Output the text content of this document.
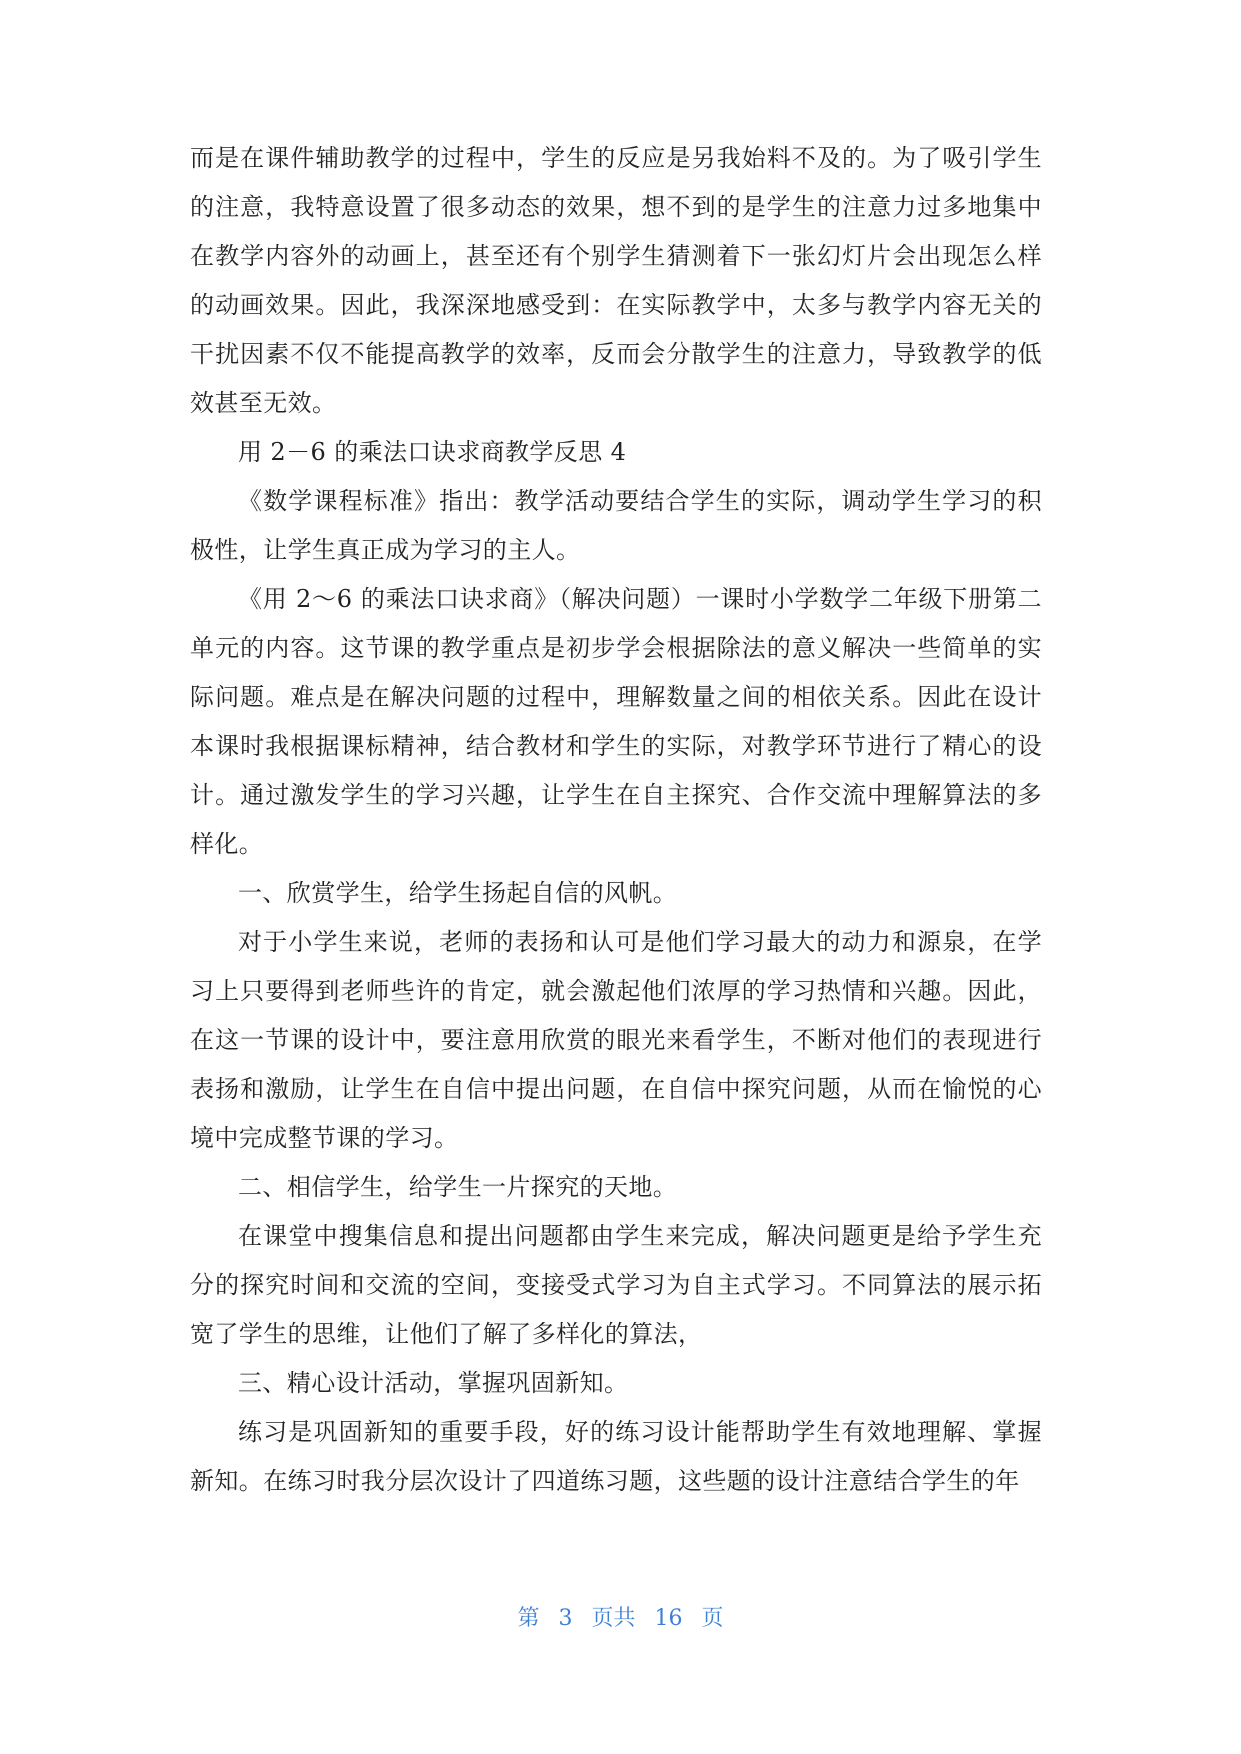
而是在课件辅助教学的过程中，学生的反应是另我始料不及的。为了吸引学生的注意，我特意设置了很多动态的效果，想不到的是学生的注意力过多地集中在教学内容外的动画上，甚至还有个别学生猜测着下一张幻灯片会出现怎么样的动画效果。因此，我深深地感受到：在实际教学中，太多与教学内容无关的干扰因素不仅不能提高教学的效率，反而会分散学生的注意力，导致教学的低效甚至无效。

用 2－6 的乘法口诀求商教学反思 4

《数学课程标准》指出：教学活动要结合学生的实际，调动学生学习的积极性，让学生真正成为学习的主人。

《用 2～6 的乘法口诀求商》（解决问题）一课时小学数学二年级下册第二单元的内容。这节课的教学重点是初步学会根据除法的意义解决一些简单的实际问题。难点是在解决问题的过程中，理解数量之间的相依关系。因此在设计本课时我根据课标精神，结合教材和学生的实际，对教学环节进行了精心的设计。通过激发学生的学习兴趣，让学生在自主探究、合作交流中理解算法的多样化。

一、欣赏学生，给学生扬起自信的风帆。

对于小学生来说，老师的表扬和认可是他们学习最大的动力和源泉，在学习上只要得到老师些许的肯定，就会激起他们浓厚的学习热情和兴趣。因此，在这一节课的设计中，要注意用欣赏的眼光来看学生，不断对他们的表现进行表扬和激励，让学生在自信中提出问题，在自信中探究问题，从而在愉悦的心境中完成整节课的学习。

二、相信学生，给学生一片探究的天地。

在课堂中搜集信息和提出问题都由学生来完成，解决问题更是给予学生充分的探究时间和交流的空间，变接受式学习为自主式学习。不同算法的展示拓宽了学生的思维，让他们了解了多样化的算法，

三、精心设计活动，掌握巩固新知。

练习是巩固新知的重要手段，好的练习设计能帮助学生有效地理解、掌握新知。在练习时我分层次设计了四道练习题，这些题的设计注意结合学生的年

第 3 页共 16 页
